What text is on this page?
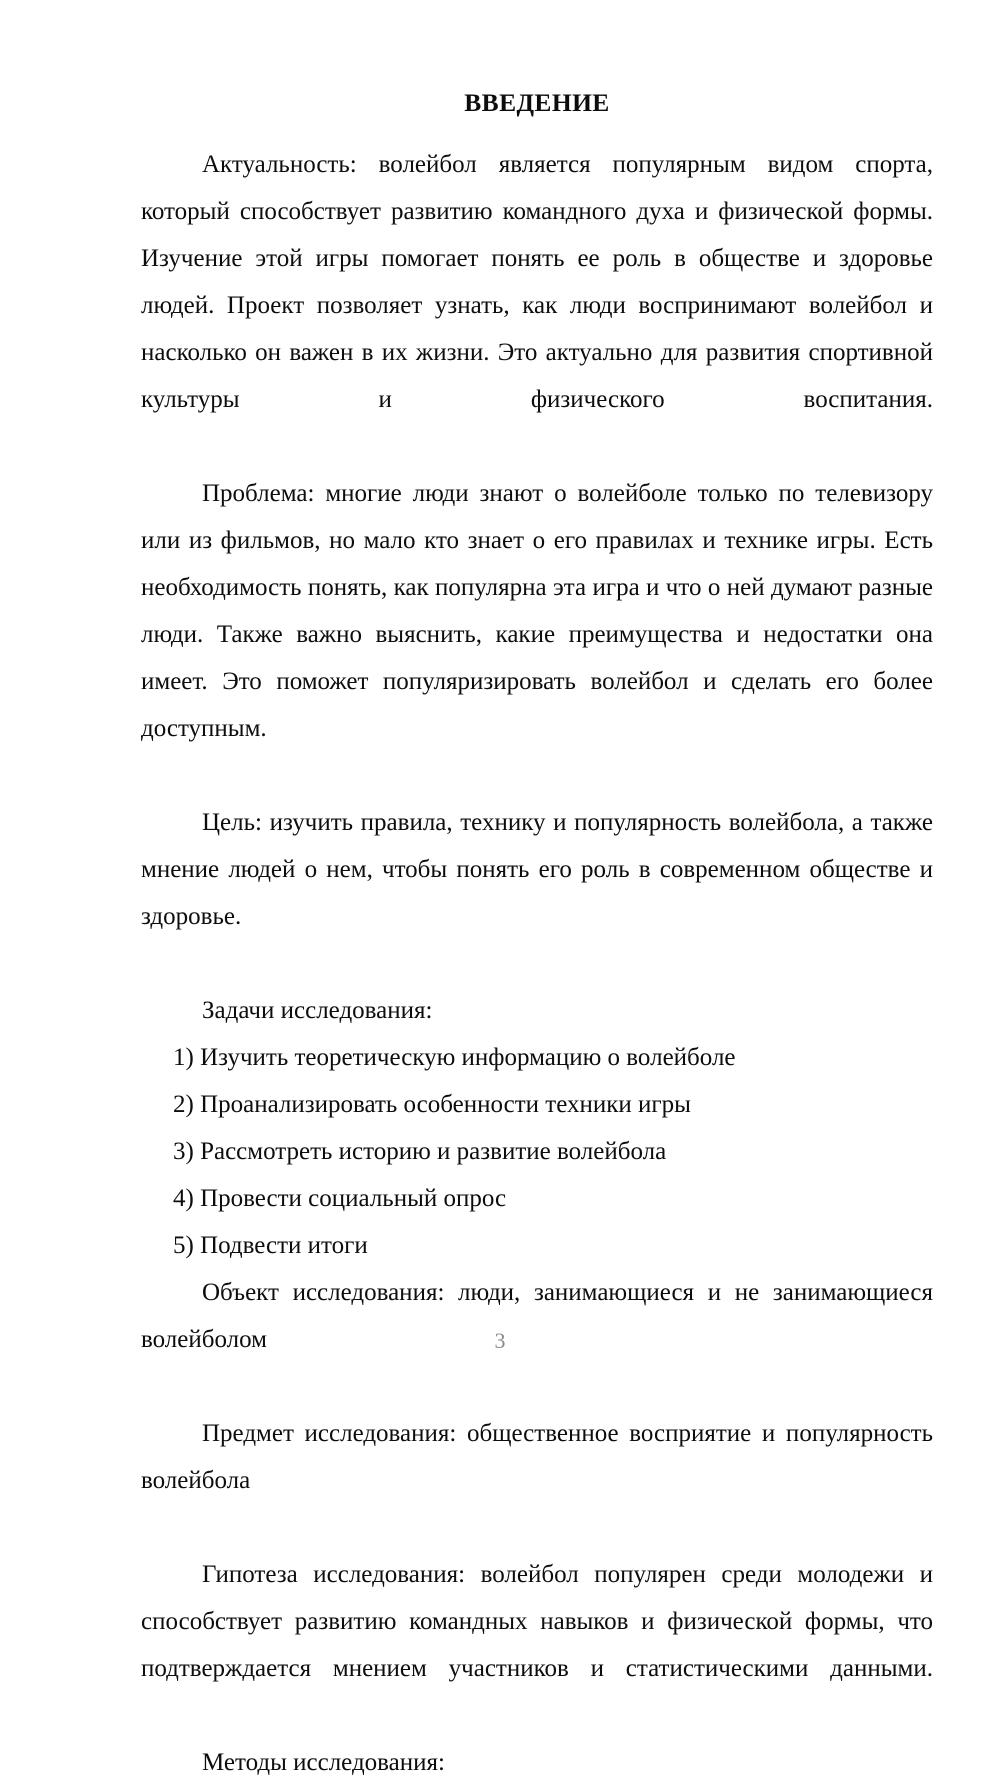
ВВЕДЕНИЕ

Актуальность: волейбол является популярным видом спорта, который способствует развитию командного духа и физической формы. Изучение этой игры помогает понять ее роль в обществе и здоровье людей. Проект позволяет узнать, как люди воспринимают волейбол и насколько он важен в их жизни. Это актуально для развития спортивной культуры и физического воспитания.

Проблема: многие люди знают о волейболе только по телевизору или из фильмов, но мало кто знает о его правилах и технике игры. Есть необходимость понять, как популярна эта игра и что о ней думают разные люди. Также важно выяснить, какие преимущества и недостатки она имеет. Это поможет популяризировать волейбол и сделать его более доступным.

Цель: изучить правила, технику и популярность волейбола, а также мнение людей о нем, чтобы понять его роль в современном обществе и здоровье.

Задачи исследования:

1) Изучить теоретическую информацию о волейболе
2) Проанализировать особенности техники игры
3) Рассмотреть историю и развитие волейбола
4) Провести социальный опрос
5) Подвести итоги

Объект исследования: люди, занимающиеся и не занимающиеся волейболом

Предмет исследования: общественное восприятие и популярность волейбола

Гипотеза исследования: волейбол популярен среди молодежи и способствует развитию командных навыков и физической формы, что подтверждается мнением участников и статистическими данными.

Методы исследования:

3
